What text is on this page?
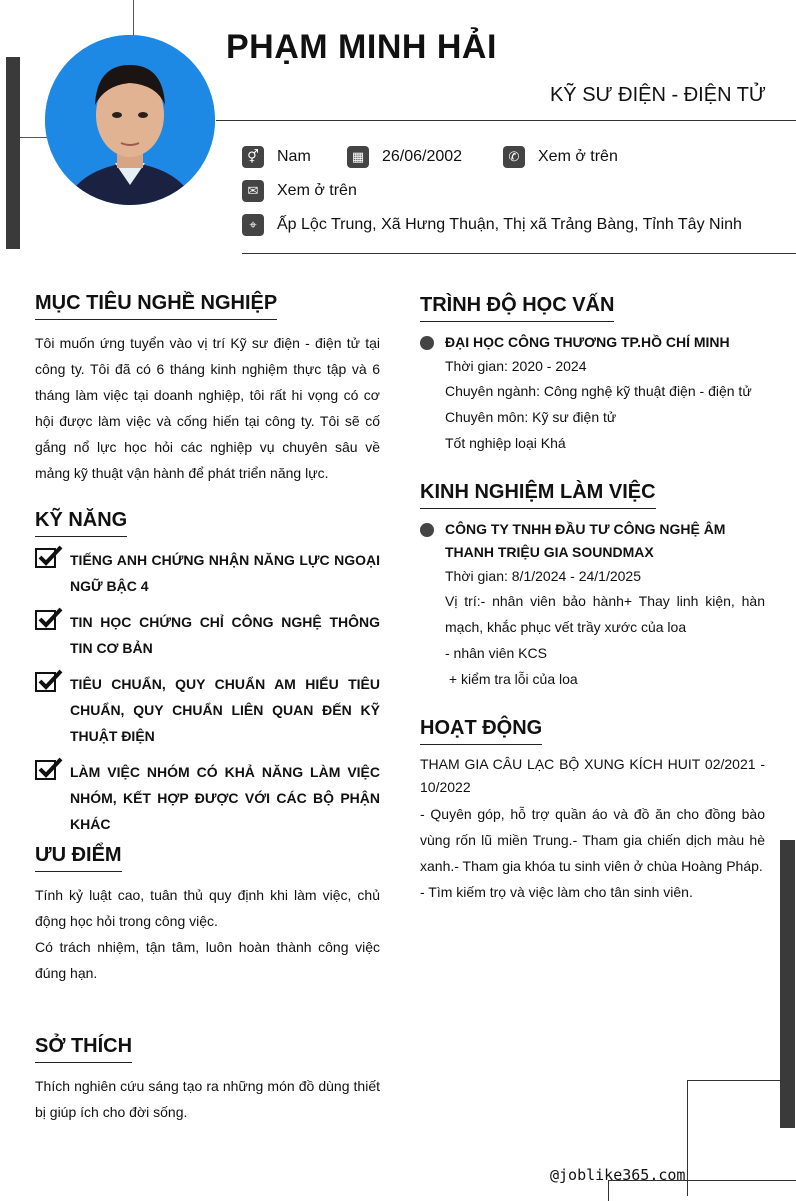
PHẠM MINH HẢI
KỸ SƯ ĐIỆN - ĐIỆN TỬ
⚥	Nam	▦	26/06/2002	✆	Xem ở trên
✉	Xem ở trên
⌖	Ấp Lộc Trung, Xã Hưng Thuận, Thị xã Trảng Bàng, Tỉnh Tây Ninh
MỤC TIÊU NGHỀ NGHIỆP
Tôi muốn ứng tuyển vào vị trí Kỹ sư điện - điện tử tại công ty. Tôi đã có 6 tháng kinh nghiệm thực tập và 6 tháng làm việc tại doanh nghiệp, tôi rất hi vọng có cơ hội được làm việc và cống hiến tại công ty. Tôi sẽ cố gắng nổ lực học hỏi các nghiệp vụ chuyên sâu về mảng kỹ thuật vận hành để phát triển năng lực.
KỸ NĂNG
TIẾNG ANH CHỨNG NHẬN NĂNG LỰC NGOẠI NGỮ BẬC 4
TIN HỌC CHỨNG CHỈ CÔNG NGHỆ THÔNG TIN CƠ BẢN
TIÊU CHUẨN, QUY CHUẨN AM HIỂU TIÊU CHUẨN, QUY CHUẨN LIÊN QUAN ĐẾN KỸ THUẬT ĐIỆN
LÀM VIỆC NHÓM CÓ KHẢ NĂNG LÀM VIỆC NHÓM, KẾT HỢP ĐƯỢC VỚI CÁC BỘ PHẬN KHÁC
ƯU ĐIỂM
Tính kỷ luật cao, tuân thủ quy định khi làm việc, chủ động học hỏi trong công việc.
Có trách nhiệm, tận tâm, luôn hoàn thành công việc đúng hạn.
SỞ THÍCH
Thích nghiên cứu sáng tạo ra những món đồ dùng thiết bị giúp ích cho đời sống.
TRÌNH ĐỘ HỌC VẤN
ĐẠI HỌC CÔNG THƯƠNG TP.HỒ CHÍ MINH
Thời gian: 2020 - 2024
Chuyên ngành: Công nghệ kỹ thuật điện - điện tử
Chuyên môn: Kỹ sư điện tử
Tốt nghiệp loại Khá
KINH NGHIỆM LÀM VIỆC
CÔNG TY TNHH ĐẦU TƯ CÔNG NGHỆ ÂM THANH TRIỆU GIA SOUNDMAX
Thời gian: 8/1/2024 - 24/1/2025
Vị trí:- nhân viên bảo hành+ Thay linh kiện, hàn mạch, khắc phục vết trầy xước của loa
- nhân viên KCS
+ kiểm tra lỗi của loa
HOẠT ĐỘNG
THAM GIA CÂU LẠC BỘ XUNG KÍCH HUIT 02/2021 - 10/2022
- Quyên góp, hỗ trợ quần áo và đồ ăn cho đồng bào vùng rốn lũ miền Trung.- Tham gia chiến dịch màu hè xanh.- Tham gia khóa tu sinh viên ở chùa Hoàng Pháp.
- Tìm kiếm trọ và việc làm cho tân sinh viên.
@joblike365.com
